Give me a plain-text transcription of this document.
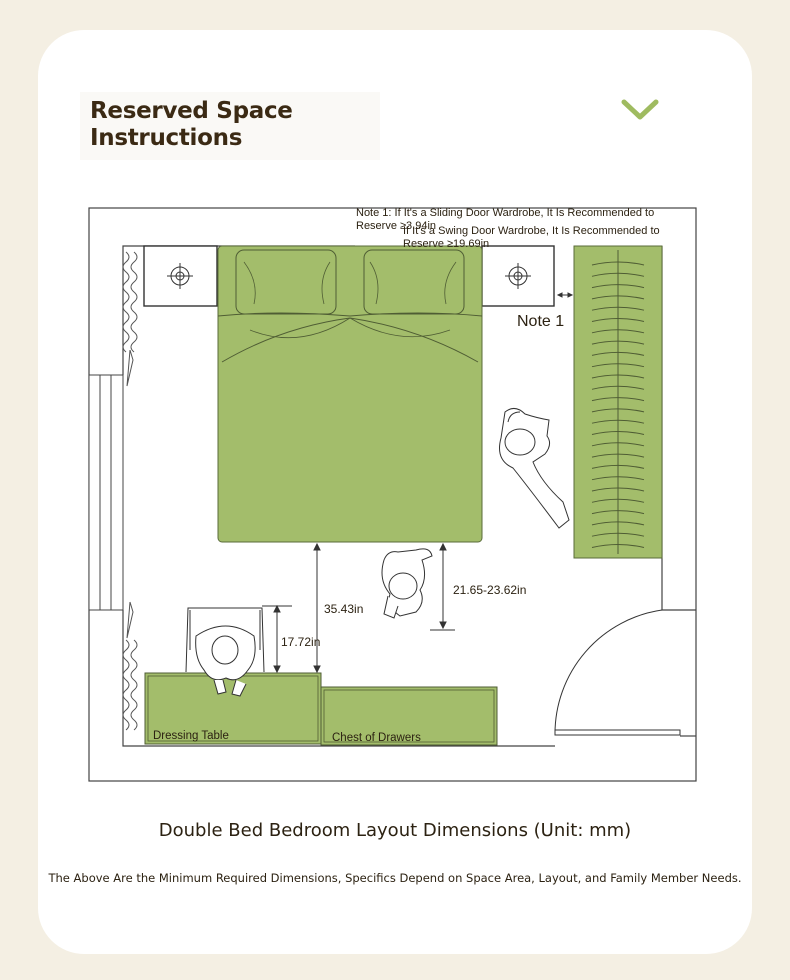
Reserved Space
Instructions
Note 1: If It's a Sliding Door Wardrobe, It Is Recommended to
Reserve ≥3.94in
If It's a Swing Door Wardrobe, It Is Recommended to
Reserve ≥19.69in
Note 1
35.43in
17.72in
21.65-23.62in
Dressing Table	Chest of Drawers
Double Bed Bedroom Layout Dimensions (Unit: mm)
The Above Are the Minimum Required Dimensions, Specifics Depend on Space Area, Layout, and Family Member Needs.
